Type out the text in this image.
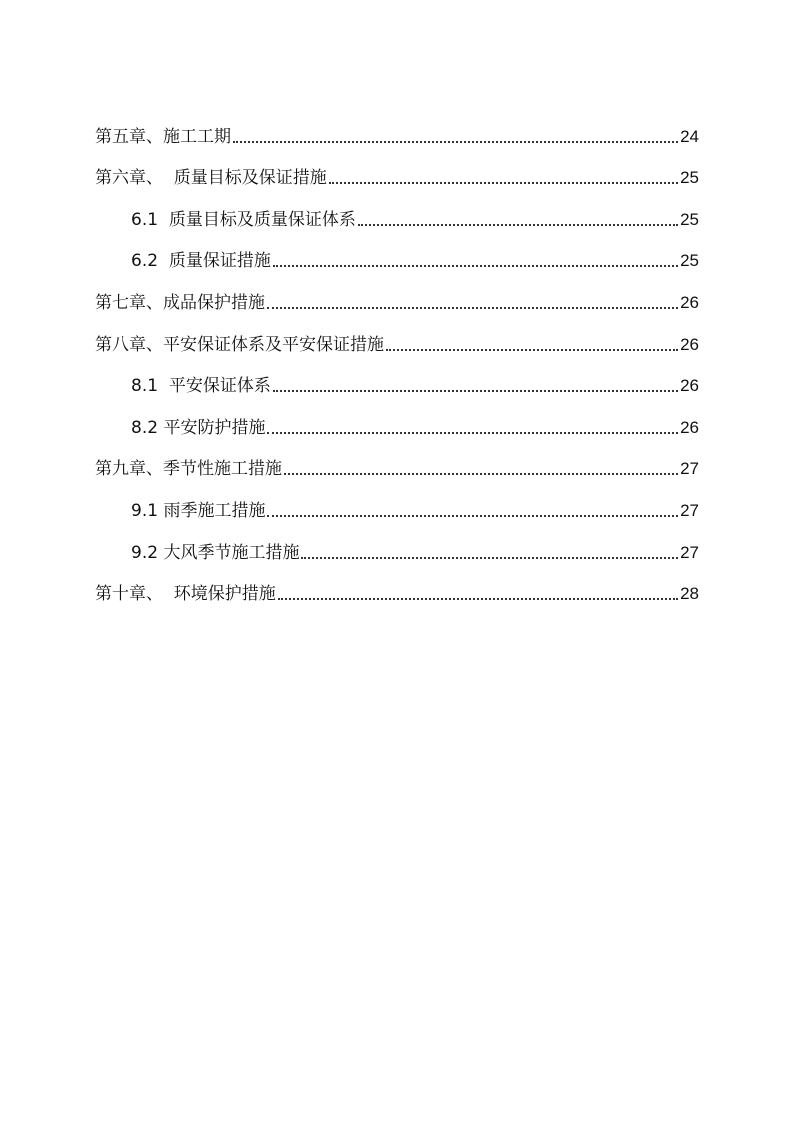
第五章、施工工期	24
第六章、  质量目标及保证措施	25
6.1  质量目标及质量保证体系	25
6.2  质量保证措施	25
第七章、成品保护措施	26
第八章、平安保证体系及平安保证措施	26
8.1  平安保证体系	26
8.2 平安防护措施	26
第九章、季节性施工措施	27
9.1 雨季施工措施	27
9.2 大风季节施工措施	27
第十章、  环境保护措施	28
